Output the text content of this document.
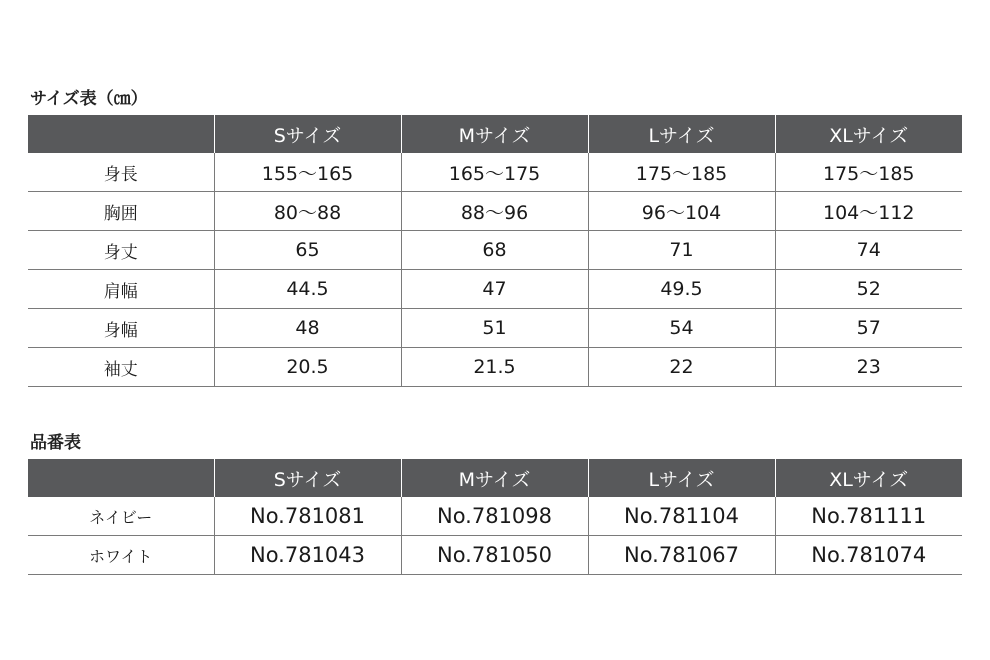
サイズ表（㎝）
	Sサイズ	Mサイズ	Lサイズ	XLサイズ
身長	155〜165	165〜175	175〜185	175〜185
胸囲	80〜88	88〜96	96〜104	104〜112
身丈	65	68	71	74
肩幅	44.5	47	49.5	52
身幅	48	51	54	57
袖丈	20.5	21.5	22	23
品番表
	Sサイズ	Mサイズ	Lサイズ	XLサイズ
ネイビー	No.781081	No.781098	No.781104	No.781111
ホワイト	No.781043	No.781050	No.781067	No.781074
